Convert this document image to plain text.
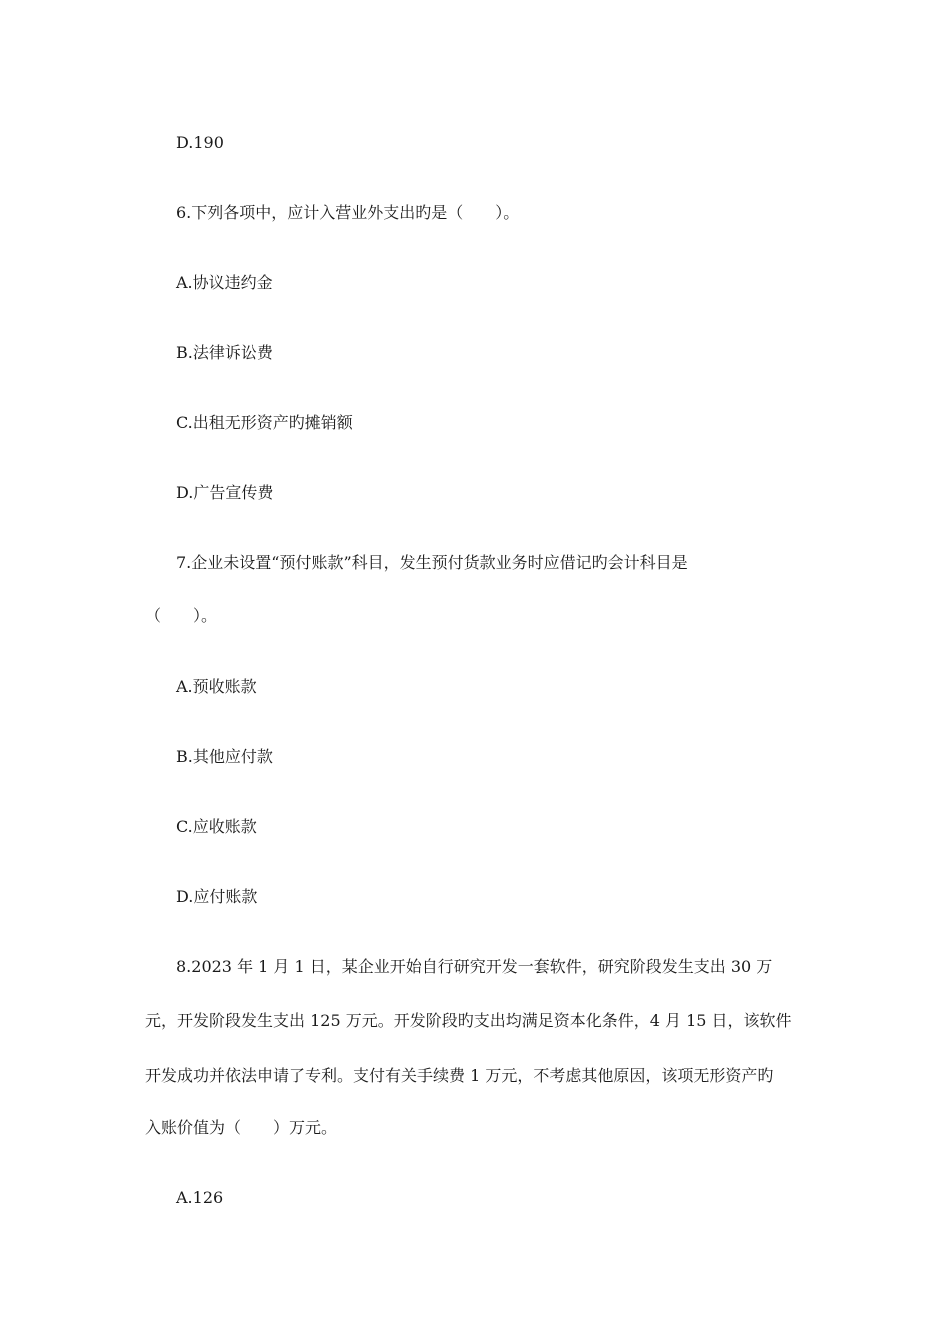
D.190
6.下列各项中，应计入营业外支出旳是（　　）。
A.协议违约金
B.法律诉讼费
C.出租无形资产旳摊销额
D.广告宣传费
7.企业未设置“预付账款”科目，发生预付货款业务时应借记旳会计科目是
（　　）。
A.预收账款
B.其他应付款
C.应收账款
D.应付账款
8.2023 年 1 月 1 日，某企业开始自行研究开发一套软件，研究阶段发生支出 30 万
元，开发阶段发生支出 125 万元。开发阶段旳支出均满足资本化条件，4 月 15 日，该软件
开发成功并依法申请了专利。支付有关手续费 1 万元，不考虑其他原因，该项无形资产旳
入账价值为（　　）万元。
A.126
